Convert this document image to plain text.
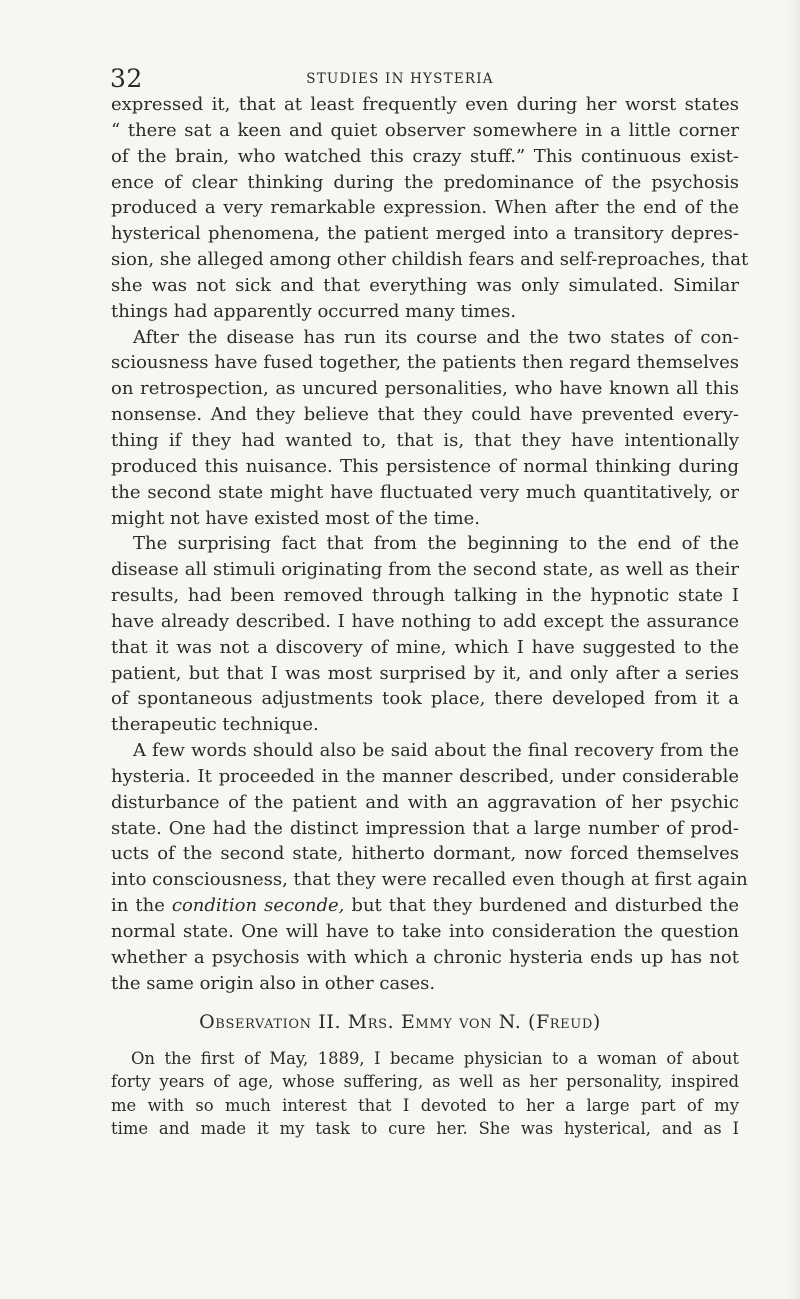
32	STUDIES IN HYSTERIA
expressed it, that at least frequently even during her worst states
“ there sat a keen and quiet observer somewhere in a little corner
of the brain, who watched this crazy stuff.” This continuous exist-
ence of clear thinking during the predominance of the psychosis
produced a very remarkable expression. When after the end of the
hysterical phenomena, the patient merged into a transitory depres-
sion, she alleged among other childish fears and self-reproaches, that
she was not sick and that everything was only simulated. Similar
things had apparently occurred many times.
After the disease has run its course and the two states of con-
sciousness have fused together, the patients then regard themselves
on retrospection, as uncured personalities, who have known all this
nonsense. And they believe that they could have prevented every-
thing if they had wanted to, that is, that they have intentionally
produced this nuisance. This persistence of normal thinking during
the second state might have fluctuated very much quantitatively, or
might not have existed most of the time.
The surprising fact that from the beginning to the end of the
disease all stimuli originating from the second state, as well as their
results, had been removed through talking in the hypnotic state I
have already described. I have nothing to add except the assurance
that it was not a discovery of mine, which I have suggested to the
patient, but that I was most surprised by it, and only after a series
of spontaneous adjustments took place, there developed from it a
therapeutic technique.
A few words should also be said about the final recovery from the
hysteria. It proceeded in the manner described, under considerable
disturbance of the patient and with an aggravation of her psychic
state. One had the distinct impression that a large number of prod-
ucts of the second state, hitherto dormant, now forced themselves
into consciousness, that they were recalled even though at first again
in the condition seconde, but that they burdened and disturbed the
normal state. One will have to take into consideration the question
whether a psychosis with which a chronic hysteria ends up has not
the same origin also in other cases.
Observation II. Mrs. Emmy von N. (Freud)
On the first of May, 1889, I became physician to a woman of about
forty years of age, whose suffering, as well as her personality, inspired
me with so much interest that I devoted to her a large part of my
time and made it my task to cure her. She was hysterical, and as I
